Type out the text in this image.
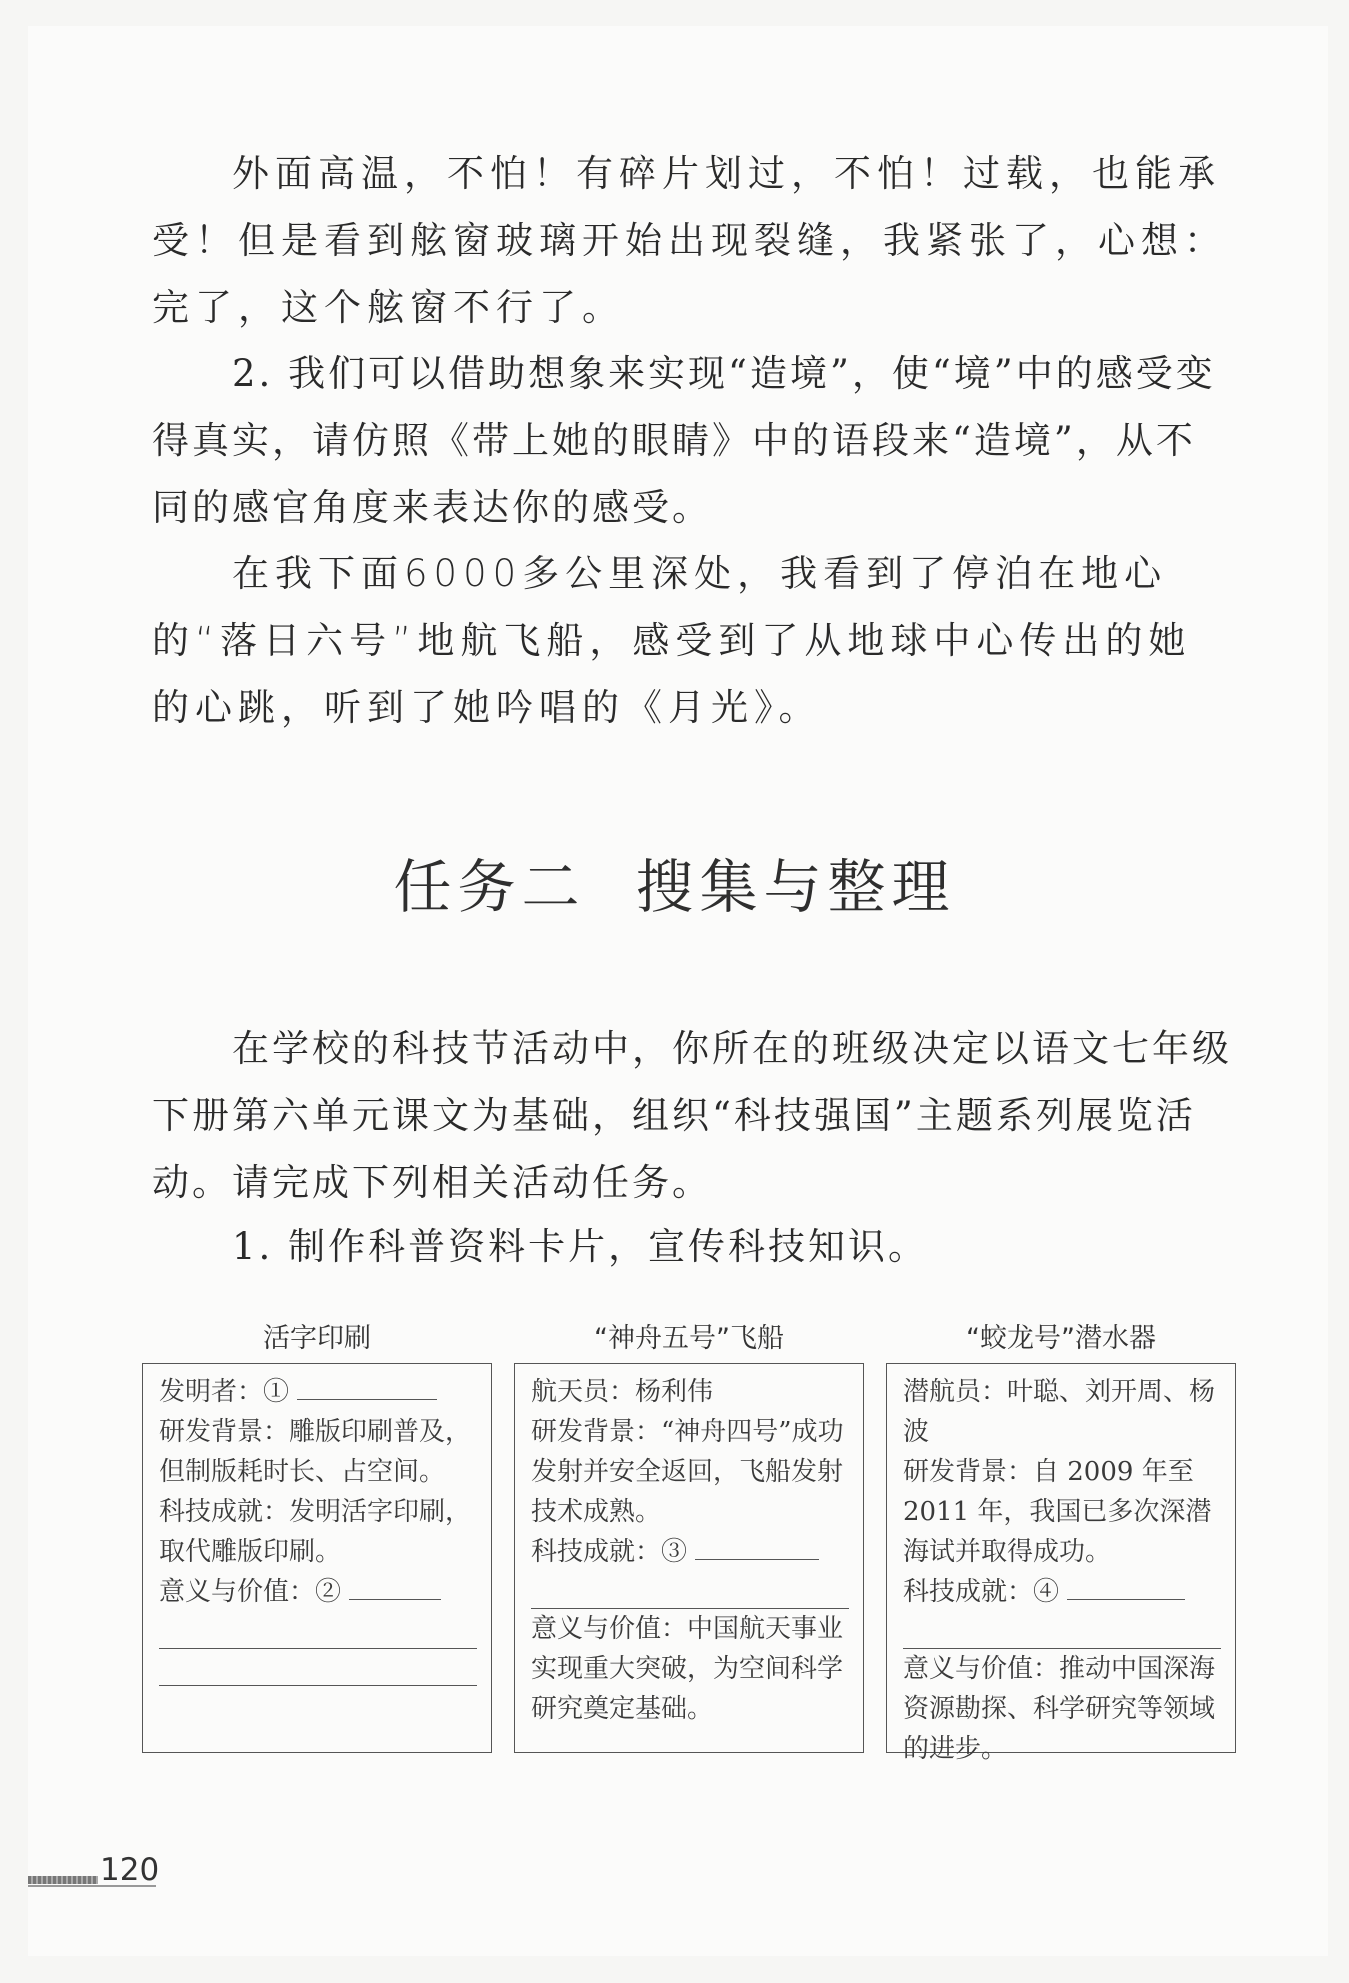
外面高温，不怕！有碎片划过，不怕！过载，也能承受！但是看到舷窗玻璃开始出现裂缝，我紧张了，心想：完了，这个舷窗不行了。

2. 我们可以借助想象来实现“造境”，使“境”中的感受变得真实，请仿照《带上她的眼睛》中的语段来“造境”，从不同的感官角度来表达你的感受。

在我下面6000多公里深处，我看到了停泊在地心的“落日六号”地航飞船，感受到了从地球中心传出的她的心跳，听到了她吟唱的《月光》。

任务二 搜集与整理

在学校的科技节活动中，你所在的班级决定以语文七年级下册第六单元课文为基础，组织“科技强国”主题系列展览活动。请完成下列相关活动任务。

1. 制作科普资料卡片，宣传科技知识。

活字印刷	“神舟五号”飞船	“蛟龙号”潜水器

发明者：①

研发背景：雕版印刷普及，但制版耗时长、占空间。

科技成就：发明活字印刷，取代雕版印刷。

意义与价值：②

航天员：杨利伟

研发背景：“神舟四号”成功发射并安全返回，飞船发射技术成熟。

科技成就：③

意义与价值：中国航天事业实现重大突破，为空间科学研究奠定基础。

潜航员：叶聪、刘开周、杨波

研发背景：自 2009 年至 2011 年，我国已多次深潜海试并取得成功。

科技成就：④

意义与价值：推动中国深海资源勘探、科学研究等领域的进步。

120
